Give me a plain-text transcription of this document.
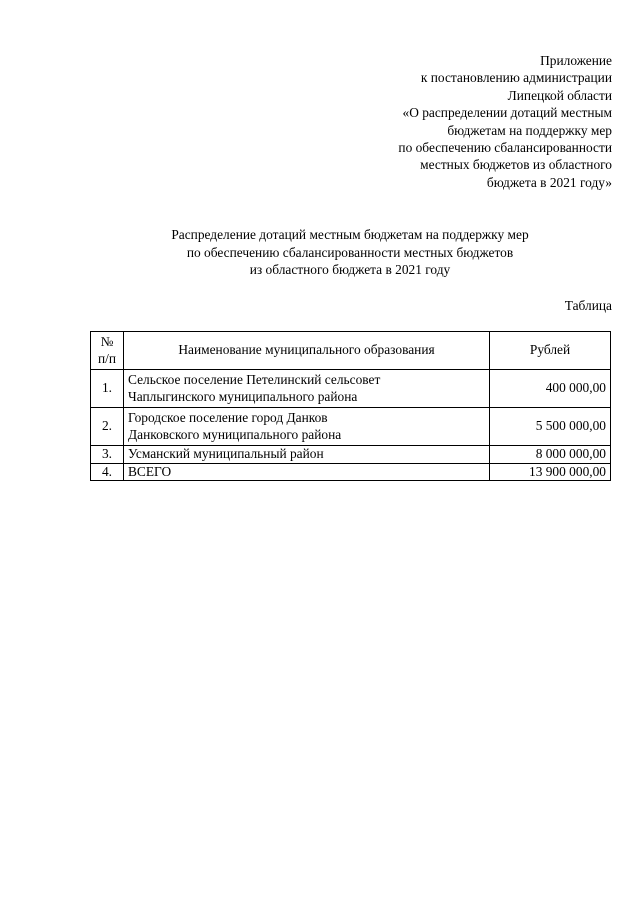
Приложение
к постановлению администрации
Липецкой области
«О распределении дотаций местным
бюджетам на поддержку мер
по обеспечению сбалансированности
местных бюджетов из областного
бюджета в 2021 году»
Распределение дотаций местным бюджетам на поддержку мер
по обеспечению сбалансированности местных бюджетов
из областного бюджета в 2021 году
Таблица
№
п/п	Наименование муниципального образования	Рублей
1.	Сельское поселение Петелинский сельсовет
Чаплыгинского муниципального района	400 000,00
2.	Городское поселение город Данков
Данковского муниципального района	5 500 000,00
3.	Усманский муниципальный район	8 000 000,00
4.	ВСЕГО	13 900 000,00
